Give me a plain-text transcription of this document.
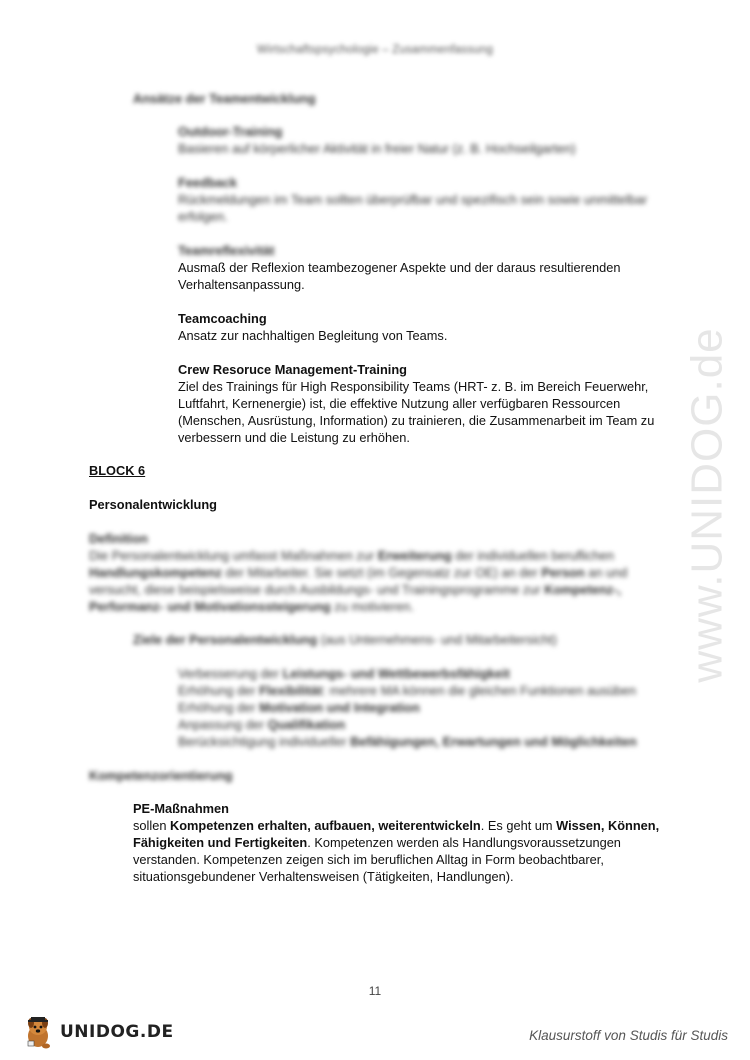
Wirtschaftspsychologie – Zusammenfassung
Ansätze der Teamentwicklung
Outdoor-Training
Basieren auf körperlicher Aktivität in freier Natur (z. B. Hochseilgarten)
Feedback
Rückmeldungen im Team sollten überprüfbar und spezifisch sein sowie unmittelbar
erfolgen.
Teamreflexivität
Ausmaß der Reflexion teambezogener Aspekte und der daraus resultierenden
Verhaltensanpassung.
Teamcoaching
Ansatz zur nachhaltigen Begleitung von Teams.
Crew Resoruce Management-Training
Ziel des Trainings für High Responsibility Teams (HRT- z. B. im Bereich Feuerwehr,
Luftfahrt, Kernenergie) ist, die effektive Nutzung aller verfügbaren Ressourcen
(Menschen, Ausrüstung, Information) zu trainieren, die Zusammenarbeit im Team zu
verbessern und die Leistung zu erhöhen.
BLOCK 6
Personalentwicklung
Definition
Die Personalentwicklung umfasst Maßnahmen zur Erweiterung der individuellen beruflichen
Handlungskompetenz der Mitarbeiter. Sie setzt (im Gegensatz zur OE) an der Person an und
versucht, diese beispielsweise durch Ausbildungs- und Trainingsprogramme zur Kompetenz-,
Performanz- und Motivationssteigerung zu motivieren.
Ziele der Personalentwicklung (aus Unternehmens- und Mitarbeitersicht)
Verbesserung der Leistungs- und Wettbewerbsfähigkeit
Erhöhung der Flexibilität: mehrere MA können die gleichen Funktionen ausüben
Erhöhung der Motivation und Integration
Anpassung der Qualifikation
Berücksichtigung individueller Befähigungen, Erwartungen und Möglichkeiten
Kompetenzorientierung
PE-Maßnahmen
sollen Kompetenzen erhalten, aufbauen, weiterentwickeln. Es geht um Wissen, Können,
Fähigkeiten und Fertigkeiten. Kompetenzen werden als Handlungsvoraussetzungen
verstanden. Kompetenzen zeigen sich im beruflichen Alltag in Form beobachtbarer,
situationsgebundener Verhaltensweisen (Tätigkeiten, Handlungen).
www.UNIDOG.de
11
UNIDOG.DE	Klausurstoff von Studis für Studis
